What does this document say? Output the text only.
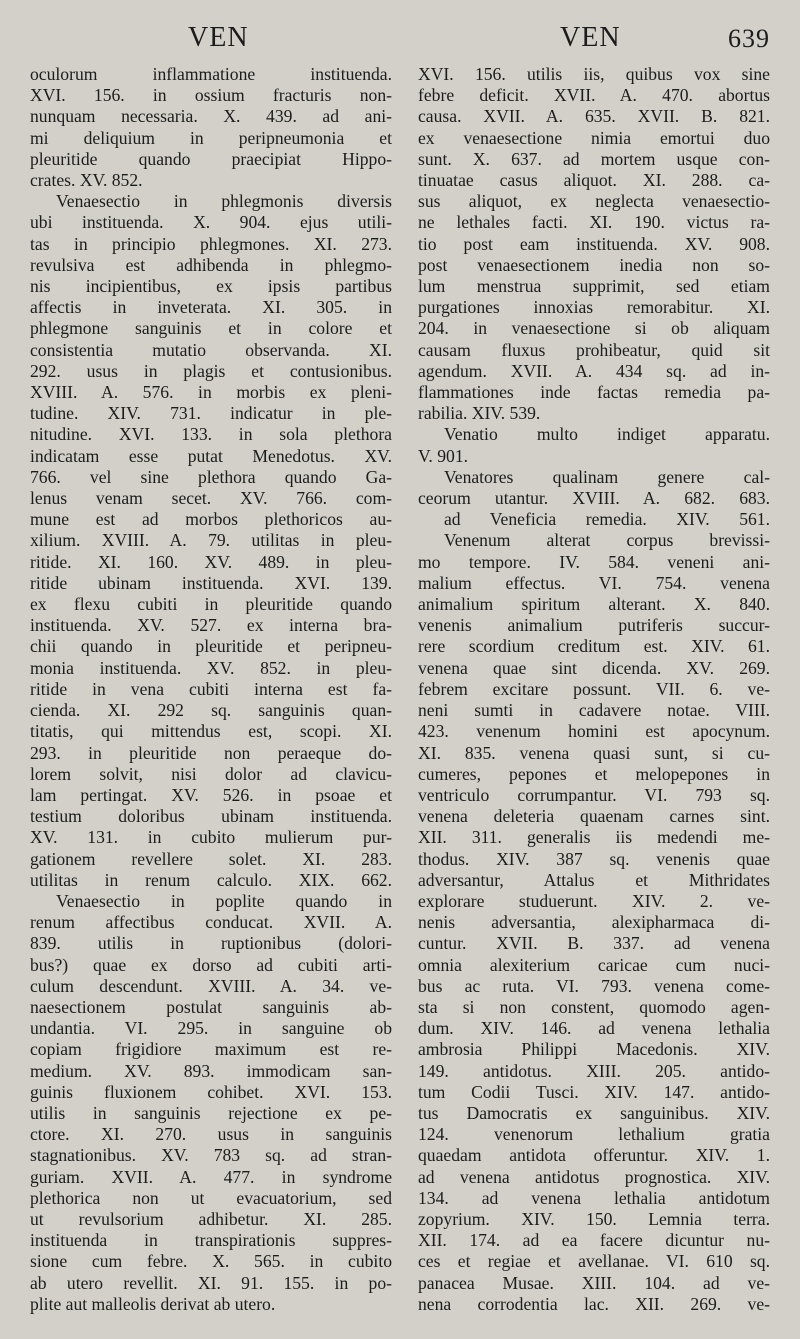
VEN	VEN	639
oculorum inflammatione instituenda.
XVI. 156. in ossium fracturis non-
nunquam necessaria. X. 439. ad ani-
mi deliquium in peripneumonia et
pleuritide quando praecipiat Hippo-
crates. XV. 852.
Venaesectio in phlegmonis diversis
ubi instituenda. X. 904. ejus utili-
tas in principio phlegmones. XI. 273.
revulsiva est adhibenda in phlegmo-
nis incipientibus, ex ipsis partibus
affectis in inveterata. XI. 305. in
phlegmone sanguinis et in colore et
consistentia mutatio observanda. XI.
292. usus in plagis et contusionibus.
XVIII. A. 576. in morbis ex pleni-
tudine. XIV. 731. indicatur in ple-
nitudine. XVI. 133. in sola plethora
indicatam esse putat Menedotus. XV.
766. vel sine plethora quando Ga-
lenus venam secet. XV. 766. com-
mune est ad morbos plethoricos au-
xilium. XVIII. A. 79. utilitas in pleu-
ritide. XI. 160. XV. 489. in pleu-
ritide ubinam instituenda. XVI. 139.
ex flexu cubiti in pleuritide quando
instituenda. XV. 527. ex interna bra-
chii quando in pleuritide et peripneu-
monia instituenda. XV. 852. in pleu-
ritide in vena cubiti interna est fa-
cienda. XI. 292 sq. sanguinis quan-
titatis, qui mittendus est, scopi. XI.
293. in pleuritide non peraeque do-
lorem solvit, nisi dolor ad clavicu-
lam pertingat. XV. 526. in psoae et
testium doloribus ubinam instituenda.
XV. 131. in cubito mulierum pur-
gationem revellere solet. XI. 283.
utilitas in renum calculo. XIX. 662.
Venaesectio in poplite quando in
renum affectibus conducat. XVII. A.
839. utilis in ruptionibus (dolori-
bus?) quae ex dorso ad cubiti arti-
culum descendunt. XVIII. A. 34. ve-
naesectionem postulat sanguinis ab-
undantia. VI. 295. in sanguine ob
copiam frigidiore maximum est re-
medium. XV. 893. immodicam san-
guinis fluxionem cohibet. XVI. 153.
utilis in sanguinis rejectione ex pe-
ctore. XI. 270. usus in sanguinis
stagnationibus. XV. 783 sq. ad stran-
guriam. XVII. A. 477. in syndrome
plethorica non ut evacuatorium, sed
ut revulsorium adhibetur. XI. 285.
instituenda in transpirationis suppres-
sione cum febre. X. 565. in cubito
ab utero revellit. XI. 91. 155. in po-
plite aut malleolis derivat ab utero.
XVI. 156. utilis iis, quibus vox sine
febre deficit. XVII. A. 470. abortus
causa. XVII. A. 635. XVII. B. 821.
ex venaesectione nimia emortui duo
sunt. X. 637. ad mortem usque con-
tinuatae casus aliquot. XI. 288. ca-
sus aliquot, ex neglecta venaesectio-
ne lethales facti. XI. 190. victus ra-
tio post eam instituenda. XV. 908.
post venaesectionem inedia non so-
lum menstrua supprimit, sed etiam
purgationes innoxias remorabitur. XI.
204. in venaesectione si ob aliquam
causam fluxus prohibeatur, quid sit
agendum. XVII. A. 434 sq. ad in-
flammationes inde factas remedia pa-
rabilia. XIV. 539.
Venatio multo indiget apparatu.
V. 901.
Venatores qualinam genere cal-
ceorum utantur. XVIII. A. 682. 683.
ad Veneficia remedia. XIV. 561.
Venenum alterat corpus brevissi-
mo tempore. IV. 584. veneni ani-
malium effectus. VI. 754. venena
animalium spiritum alterant. X. 840.
venenis animalium putriferis succur-
rere scordium creditum est. XIV. 61.
venena quae sint dicenda. XV. 269.
febrem excitare possunt. VII. 6. ve-
neni sumti in cadavere notae. VIII.
423. venenum homini est apocynum.
XI. 835. venena quasi sunt, si cu-
cumeres, pepones et melopepones in
ventriculo corrumpantur. VI. 793 sq.
venena deleteria quaenam carnes sint.
XII. 311. generalis iis medendi me-
thodus. XIV. 387 sq. venenis quae
adversantur, Attalus et Mithridates
explorare studuerunt. XIV. 2. ve-
nenis adversantia, alexipharmaca di-
cuntur. XVII. B. 337. ad venena
omnia alexiterium caricae cum nuci-
bus ac ruta. VI. 793. venena come-
sta si non constent, quomodo agen-
dum. XIV. 146. ad venena lethalia
ambrosia Philippi Macedonis. XIV.
149. antidotus. XIII. 205. antido-
tum Codii Tusci. XIV. 147. antido-
tus Damocratis ex sanguinibus. XIV.
124. venenorum lethalium gratia
quaedam antidota offeruntur. XIV. 1.
ad venena antidotus prognostica. XIV.
134. ad venena lethalia antidotum
zopyrium. XIV. 150. Lemnia terra.
XII. 174. ad ea facere dicuntur nu-
ces et regiae et avellanae. VI. 610 sq.
panacea Musae. XIII. 104. ad ve-
nena corrodentia lac. XII. 269. ve-
